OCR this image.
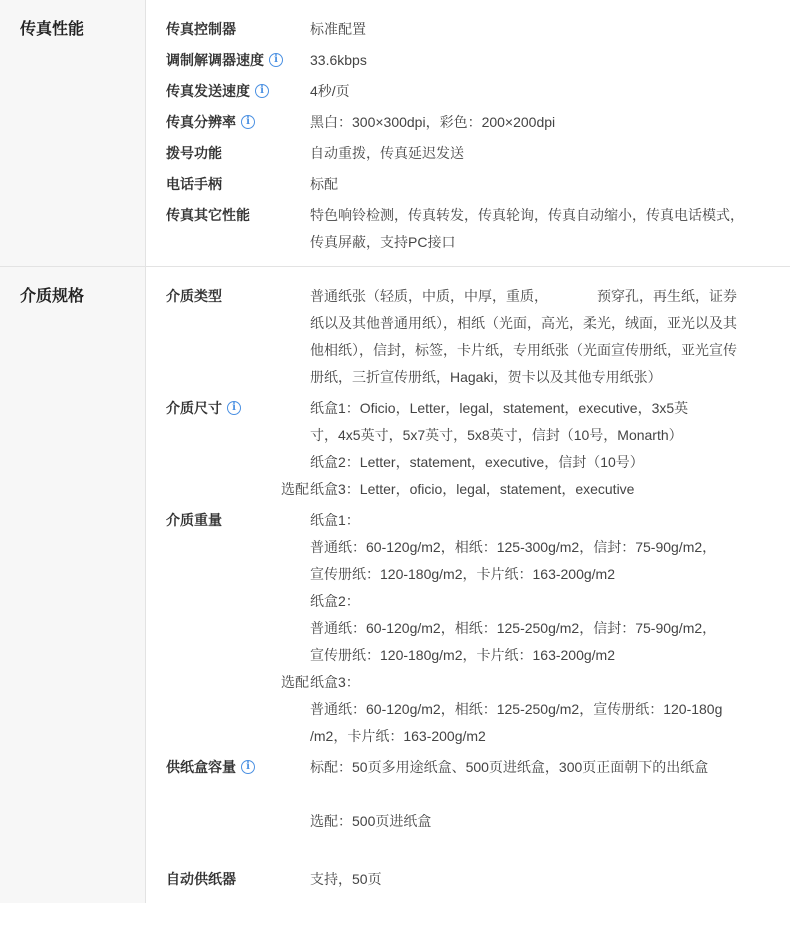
传真性能	传真控制器	标准配置
调制解调器速度 i	33.6kbps
传真发送速度 i	4秒/页
传真分辨率 i	黑白：300×300dpi，彩色：200×200dpi
拨号功能	自动重拨，传真延迟发送
电话手柄	标配
传真其它性能	特色响铃检测，传真转发，传真轮询，传真自动缩小，传真电话模式，
传真屏蔽，支持PC接口
介质规格	介质类型	普通纸张（轻质，中质，中厚，重质，　　　　预穿孔，再生纸，证券
纸以及其他普通用纸），相纸（光面，高光，柔光，绒面，亚光以及其
他相纸），信封，标签，卡片纸，专用纸张（光面宣传册纸，亚光宣传
册纸，三折宣传册纸，Hagaki，贺卡以及其他专用纸张）
介质尺寸 i	纸盒1：Oficio，Letter，legal，statement，executive，3x5英
寸，4x5英寸，5x7英寸，5x8英寸，信封（10号，Monarth）
纸盒2：Letter，statement，executive，信封（10号）
选配 纸盒3：Letter，oficio，legal，statement，executive
介质重量	纸盒1：
普通纸：60-120g/m2，相纸：125-300g/m2，信封：75-90g/m2，
宣传册纸：120-180g/m2，卡片纸：163-200g/m2
纸盒2：
普通纸：60-120g/m2，相纸：125-250g/m2，信封：75-90g/m2，
宣传册纸：120-180g/m2，卡片纸：163-200g/m2
选配 纸盒3：
普通纸：60-120g/m2，相纸：125-250g/m2，宣传册纸：120-180g
/m2，卡片纸：163-200g/m2
供纸盒容量 i	标配：50页多用途纸盒、500页进纸盒，300页正面朝下的出纸盒

选配：500页进纸盒

自动供纸器	支持，50页
